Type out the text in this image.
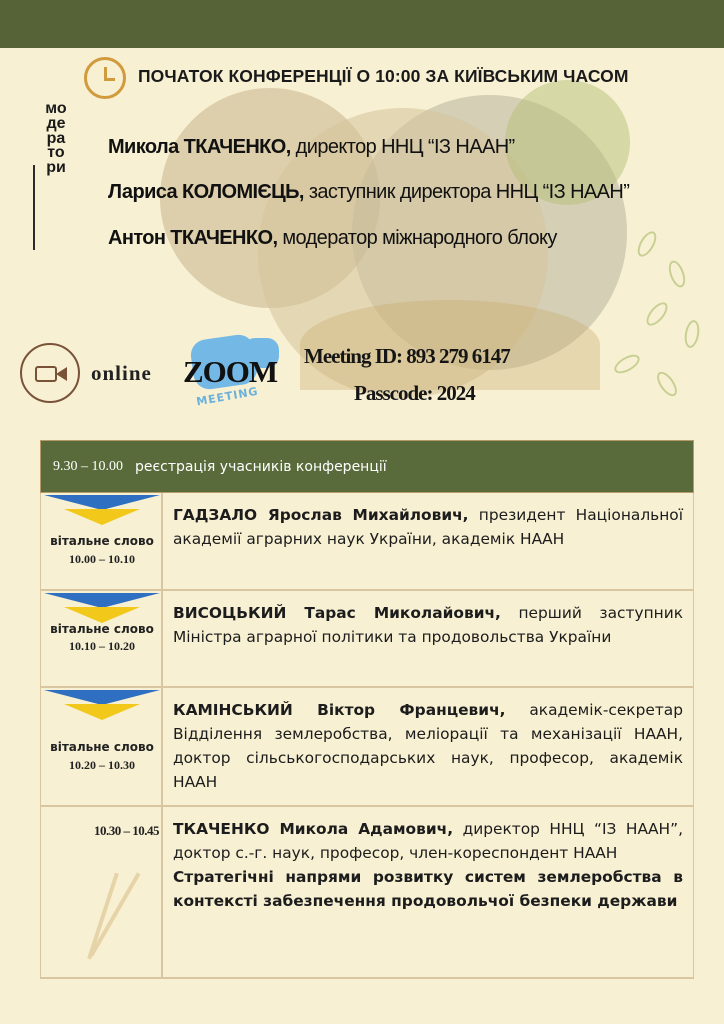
ПОЧАТОК КОНФЕРЕНЦІЇ О 10:00 ЗА КИЇВСЬКИМ ЧАСОМ
модератори
Микола ТКАЧЕНКО, директор ННЦ “ІЗ НААН”
Лариса КОЛОМІЄЦЬ, заступник директора ННЦ “ІЗ НААН”
Антон ТКАЧЕНКО, модератор міжнародного блоку
online ZOOM
MEETING
Meeting ID: 893 279 6147
Passcode: 2024
9.30 – 10.00 реєстрація учасників конференції
вітальне слово
10.00 – 10.10
ГАДЗАЛО Ярослав Михайлович, президент Національної академії аграрних наук України, академік НААН
вітальне слово
10.10 – 10.20
ВИСОЦЬКИЙ Тарас Миколайович, перший заступник Міністра аграрної політики та продовольства України
вітальне слово
10.20 – 10.30
КАМІНСЬКИЙ Віктор Францевич, академік-секретар Відділення землеробства, меліорації та механізації НААН, доктор сільськогосподарських наук, професор, академік НААН
10.30 – 10.45 ТКАЧЕНКО Микола Адамович, директор ННЦ “ІЗ НААН”, доктор с.-г. наук, професор, член-кореспондент НААН
Стратегічні напрями розвитку систем землеробства в контексті забезпечення продовольчої безпеки держави
